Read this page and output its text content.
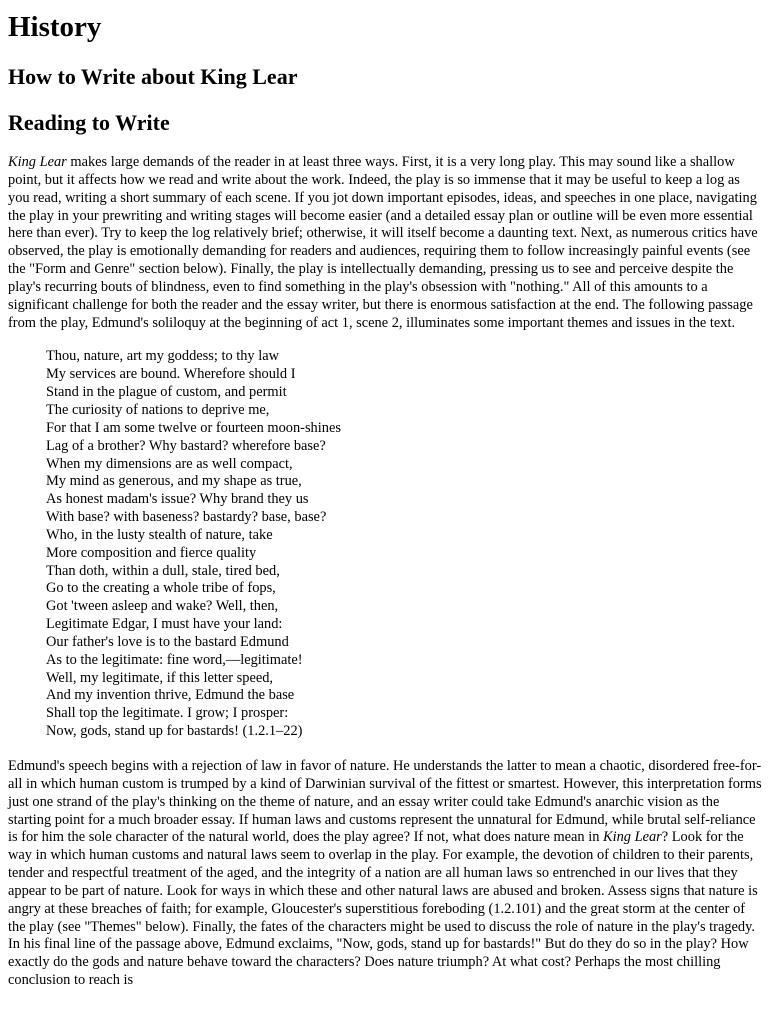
History
How to Write about King Lear
Reading to Write

King Lear makes large demands of the reader in at least three ways. First, it is a very long play. This may sound like a shallow point, but it affects how we read and write about the work. Indeed, the play is so immense that it may be useful to keep a log as you read, writing a short summary of each scene. If you jot down important episodes, ideas, and speeches in one place, navigating the play in your prewriting and writing stages will become easier (and a detailed essay plan or outline will be even more essential here than ever). Try to keep the log relatively brief; otherwise, it will itself become a daunting text. Next, as numerous critics have observed, the play is emotionally demanding for readers and audiences, requiring them to follow increasingly painful events (see the "Form and Genre" section below). Finally, the play is intellectually demanding, pressing us to see and perceive despite the play's recurring bouts of blindness, even to find something in the play's obsession with "nothing." All of this amounts to a significant challenge for both the reader and the essay writer, but there is enormous satisfaction at the end. The following passage from the play, Edmund's soliloquy at the beginning of act 1, scene 2, illuminates some important themes and issues in the text.

Thou, nature, art my goddess; to thy law
My services are bound. Wherefore should I
Stand in the plague of custom, and permit
The curiosity of nations to deprive me,
For that I am some twelve or fourteen moon-shines
Lag of a brother? Why bastard? wherefore base?
When my dimensions are as well compact,
My mind as generous, and my shape as true,
As honest madam's issue? Why brand they us
With base? with baseness? bastardy? base, base?
Who, in the lusty stealth of nature, take
More composition and fierce quality
Than doth, within a dull, stale, tired bed,
Go to the creating a whole tribe of fops,
Got 'tween asleep and wake? Well, then,
Legitimate Edgar, I must have your land:
Our father's love is to the bastard Edmund
As to the legitimate: fine word,—legitimate!
Well, my legitimate, if this letter speed,
And my invention thrive, Edmund the base
Shall top the legitimate. I grow; I prosper:
Now, gods, stand up for bastards! (1.2.1–22)

Edmund's speech begins with a rejection of law in favor of nature. He understands the latter to mean a chaotic, disordered free-for-all in which human custom is trumped by a kind of Darwinian survival of the fittest or smartest. However, this interpretation forms just one strand of the play's thinking on the theme of nature, and an essay writer could take Edmund's anarchic vision as the starting point for a much broader essay. If human laws and customs represent the unnatural for Edmund, while brutal self-reliance is for him the sole character of the natural world, does the play agree? If not, what does nature mean in King Lear? Look for the way in which human customs and natural laws seem to overlap in the play. For example, the devotion of children to their parents, tender and respectful treatment of the aged, and the integrity of a nation are all human laws so entrenched in our lives that they appear to be part of nature. Look for ways in which these and other natural laws are abused and broken. Assess signs that nature is angry at these breaches of faith; for example, Gloucester's superstitious foreboding (1.2.101) and the great storm at the center of the play (see "Themes" below). Finally, the fates of the characters might be used to discuss the role of nature in the play's tragedy. In his final line of the passage above, Edmund exclaims, "Now, gods, stand up for bastards!" But do they do so in the play? How exactly do the gods and nature behave toward the characters? Does nature triumph? At what cost? Perhaps the most chilling conclusion to reach is
